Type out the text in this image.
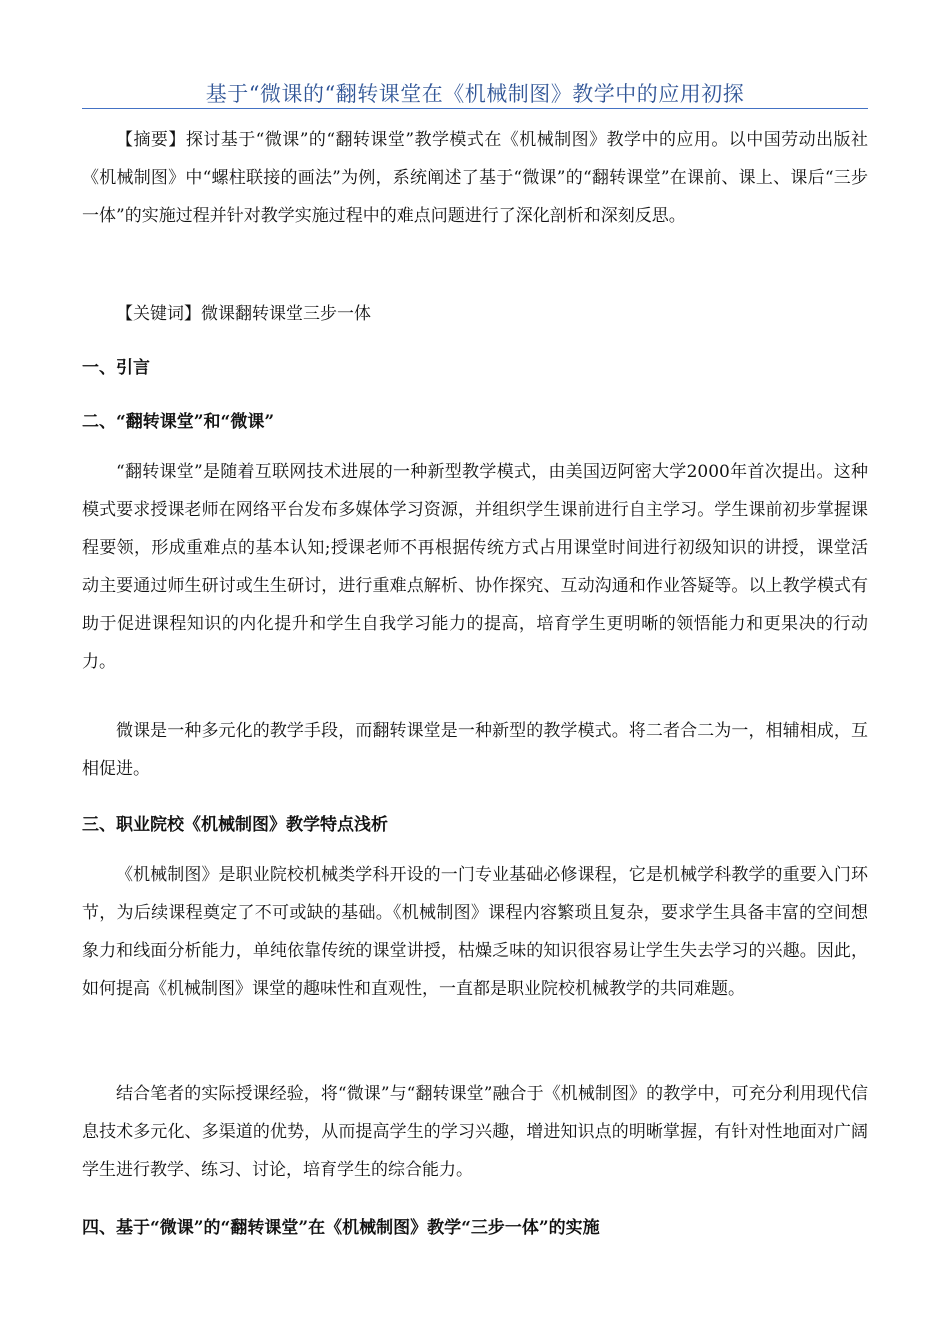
基于“微课的“翻转课堂在《机械制图》教学中的应用初探

【摘要】探讨基于“微课”的“翻转课堂”教学模式在《机械制图》教学中的应用。以中国劳动出版社《机械制图》中“螺柱联接的画法”为例，系统阐述了基于“微课”的“翻转课堂”在课前、课上、课后“三步一体”的实施过程并针对教学实施过程中的难点问题进行了深化剖析和深刻反思。

【关键词】微课翻转课堂三步一体

一、引言

二、“翻转课堂”和“微课”

“翻转课堂”是随着互联网技术进展的一种新型教学模式，由美国迈阿密大学2000年首次提出。这种模式要求授课老师在网络平台发布多媒体学习资源，并组织学生课前进行自主学习。学生课前初步掌握课程要领，形成重难点的基本认知;授课老师不再根据传统方式占用课堂时间进行初级知识的讲授，课堂活动主要通过师生研讨或生生研讨，进行重难点解析、协作探究、互动沟通和作业答疑等。以上教学模式有助于促进课程知识的内化提升和学生自我学习能力的提高，培育学生更明晰的领悟能力和更果决的行动力。

微课是一种多元化的教学手段，而翻转课堂是一种新型的教学模式。将二者合二为一，相辅相成，互相促进。

三、职业院校《机械制图》教学特点浅析

《机械制图》是职业院校机械类学科开设的一门专业基础必修课程，它是机械学科教学的重要入门环节，为后续课程奠定了不可或缺的基础。《机械制图》课程内容繁琐且复杂，要求学生具备丰富的空间想象力和线面分析能力，单纯依靠传统的课堂讲授，枯燥乏味的知识很容易让学生失去学习的兴趣。因此，如何提高《机械制图》课堂的趣味性和直观性，一直都是职业院校机械教学的共同难题。

结合笔者的实际授课经验，将“微课”与“翻转课堂”融合于《机械制图》的教学中，可充分利用现代信息技术多元化、多渠道的优势，从而提高学生的学习兴趣，增进知识点的明晰掌握，有针对性地面对广阔学生进行教学、练习、讨论，培育学生的综合能力。

四、基于“微课”的“翻转课堂”在《机械制图》教学“三步一体”的实施
